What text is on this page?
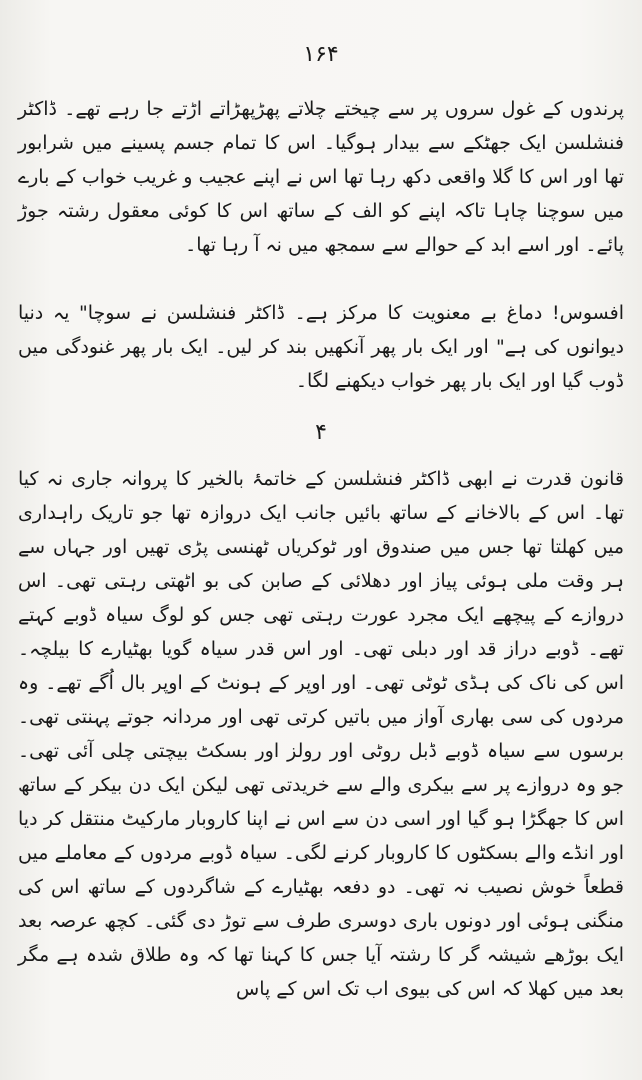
۱۶۴
پرندوں کے غول سروں پر سے چیختے چلاتے پھڑپھڑاتے اڑتے جا رہے تھے۔ ڈاکٹر فنشلسن ایک جھٹکے سے بیدار ہوگیا۔ اس کا تمام جسم پسینے میں شرابور تھا اور اس کا گلا واقعی دکھ رہا تھا اس نے اپنے عجیب و غریب خواب کے بارے میں سوچنا چاہا تاکہ اپنے کو الف کے ساتھ اس کا کوئی معقول رشتہ جوڑ پائے۔ اور اسے ابد کے حوالے سے سمجھ میں نہ آ رہا تھا۔
افسوس! دماغ بے معنویت کا مرکز ہے۔ ڈاکٹر فنشلسن نے سوچا" یہ دنیا دیوانوں کی ہے" اور ایک بار پھر آنکھیں بند کر لیں۔ ایک بار پھر غنودگی میں ڈوب گیا اور ایک بار پھر خواب دیکھنے لگا۔
۴
قانون قدرت نے ابھی ڈاکٹر فنشلسن کے خاتمۂ بالخیر کا پروانہ جاری نہ کیا تھا۔ اس کے بالاخانے کے ساتھ بائیں جانب ایک دروازہ تھا جو تاریک راہداری میں کھلتا تھا جس میں صندوق اور ٹوکریاں ٹھنسی پڑی تھیں اور جہاں سے ہر وقت ملی ہوئی پیاز اور دھلائی کے صابن کی بو اٹھتی رہتی تھی۔ اس دروازے کے پیچھے ایک مجرد عورت رہتی تھی جس کو لوگ سیاہ ڈوبے کہتے تھے۔ ڈوبے دراز قد اور دبلی تھی۔ اور اس قدر سیاہ گویا بھٹیارے کا بیلچہ۔ اس کی ناک کی ہڈی ٹوٹی تھی۔ اور اوپر کے ہونٹ کے اوپر بال اُگے تھے۔ وہ مردوں کی سی بھاری آواز میں باتیں کرتی تھی اور مردانہ جوتے پہنتی تھی۔ برسوں سے سیاہ ڈوبے ڈبل روٹی اور رولز اور بسکٹ بیچتی چلی آئی تھی۔ جو وہ دروازے پر سے بیکری والے سے خریدتی تھی لیکن ایک دن بیکر کے ساتھ اس کا جھگڑا ہو گیا اور اسی دن سے اس نے اپنا کاروبار مارکیٹ منتقل کر دیا اور انڈے والے بسکٹوں کا کاروبار کرنے لگی۔ سیاہ ڈوبے مردوں کے معاملے میں قطعاً خوش نصیب نہ تھی۔ دو دفعہ بھٹیارے کے شاگردوں کے ساتھ اس کی منگنی ہوئی اور دونوں باری دوسری طرف سے توڑ دی گئی۔ کچھ عرصہ بعد ایک بوڑھے شیشہ گر کا رشتہ آیا جس کا کہنا تھا کہ وہ طلاق شدہ ہے مگر بعد میں کھلا کہ اس کی بیوی اب تک اس کے پاس
